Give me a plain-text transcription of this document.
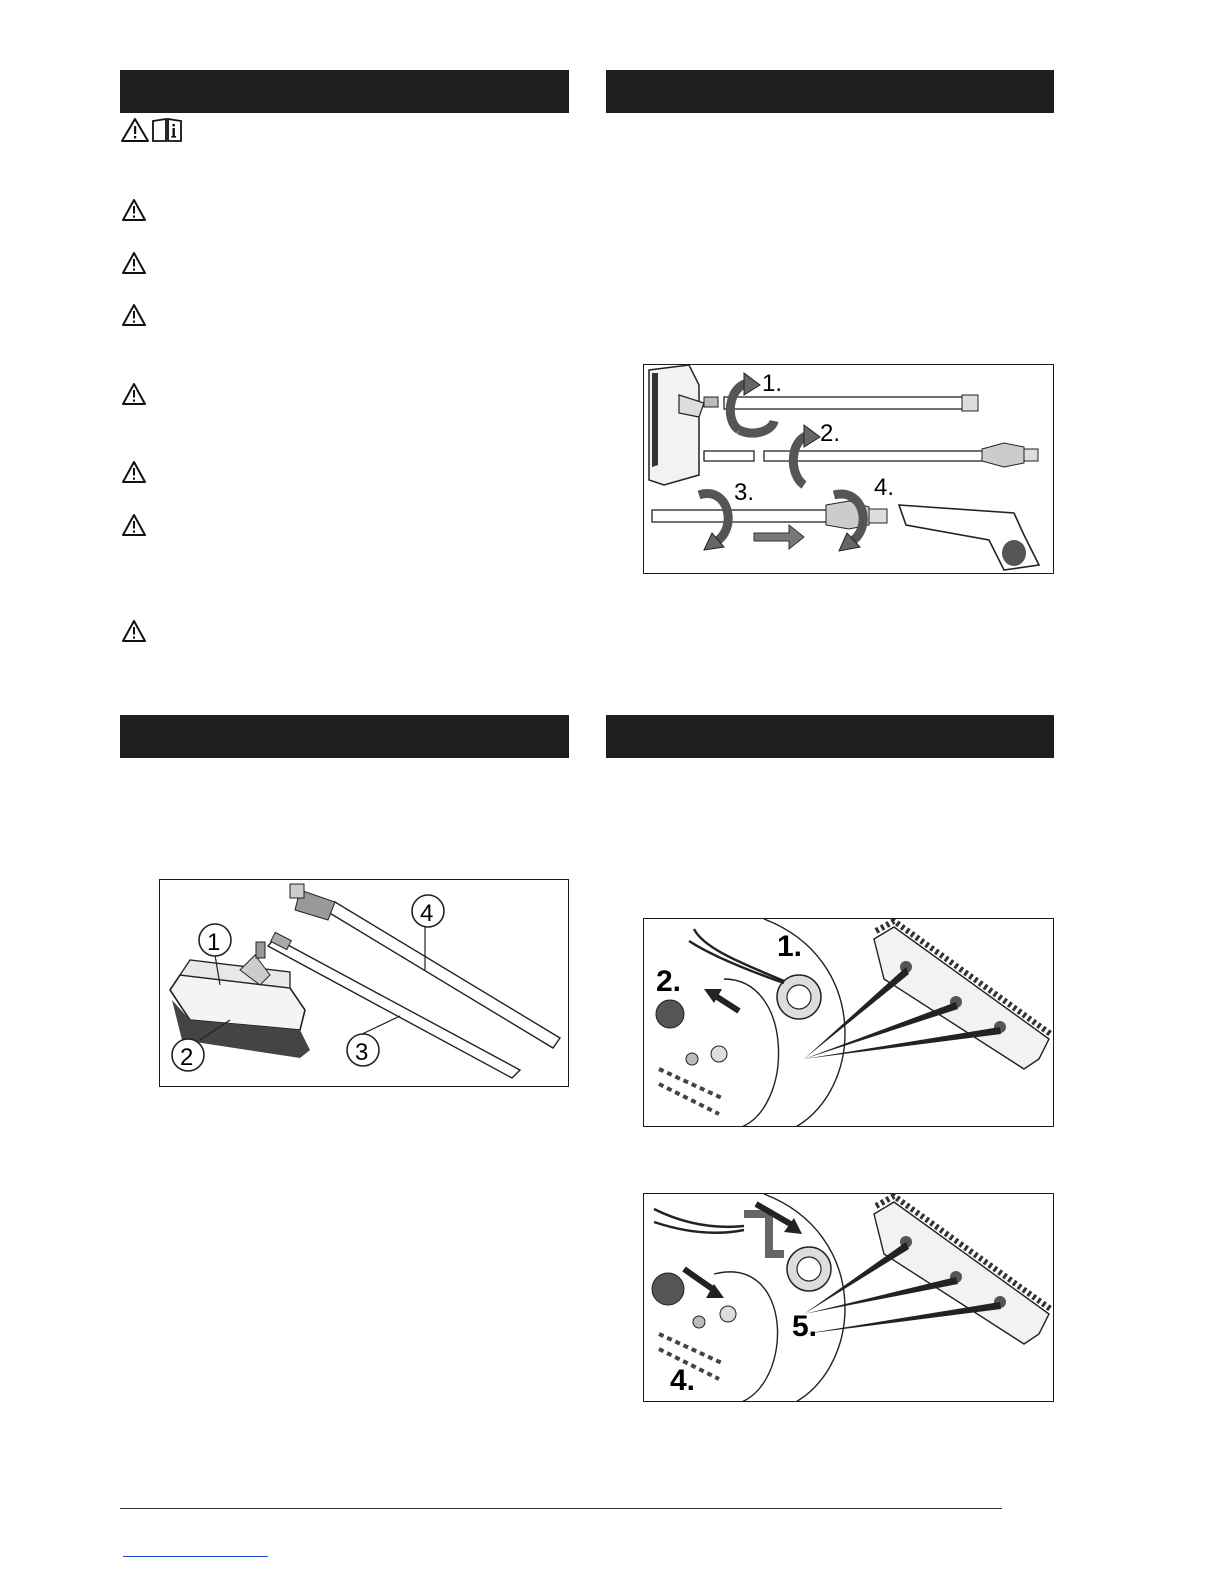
1.
2.
3.	4.
1
2	3
4
1.
2.
5.
4.
